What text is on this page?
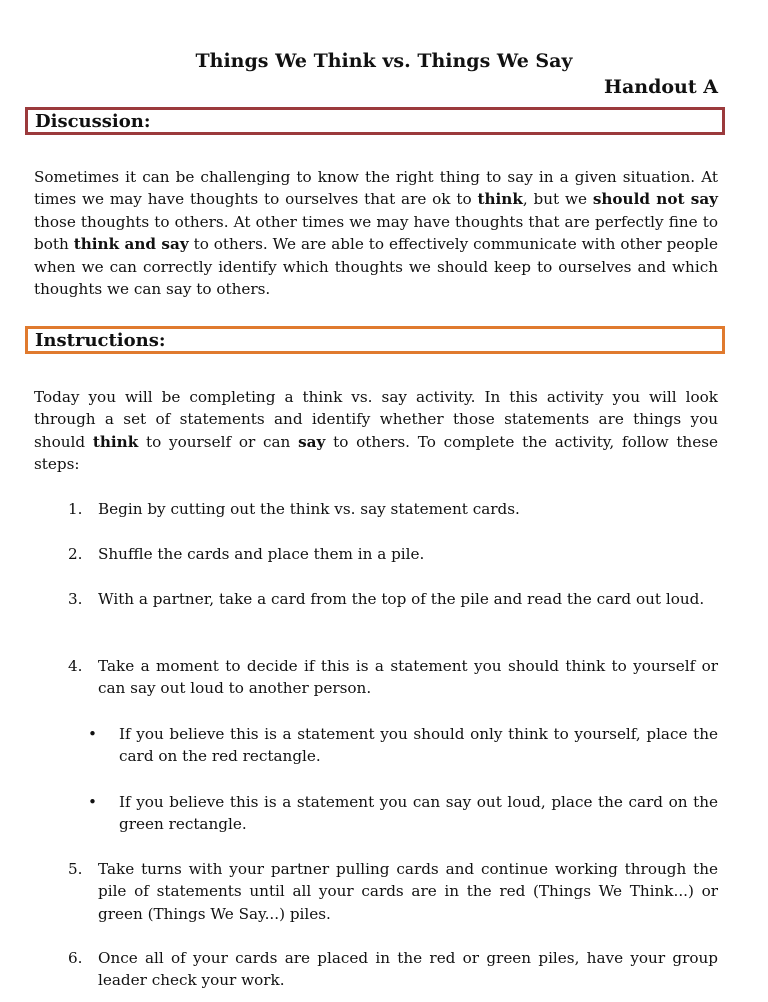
Things We Think vs. Things We Say
Handout A
Discussion:
Sometimes it can be challenging to know the right thing to say in a given situation. At times we may have thoughts to ourselves that are ok to think, but we should not say those thoughts to others. At other times we may have thoughts that are perfectly fine to both think and say to others. We are able to effectively communicate with other people when we can correctly identify which thoughts we should keep to ourselves and which thoughts we can say to others.
Instructions:
Today you will be completing a think vs. say activity. In this activity you will look through a set of statements and identify whether those statements are things you should think to yourself or can say to others. To complete the activity, follow these steps:
1. Begin by cutting out the think vs. say statement cards.
2. Shuffle the cards and place them in a pile.
3. With a partner, take a card from the top of the pile and read the card out loud.
4. Take a moment to decide if this is a statement you should think to yourself or can say out loud to another person.
• If you believe this is a statement you should only think to yourself, place the card on the red rectangle.
• If you believe this is a statement you can say out loud, place the card on the green rectangle.
5. Take turns with your partner pulling cards and continue working through the pile of statements until all your cards are in the red (Things We Think...) or green (Things We Say...) piles.
6. Once all of your cards are placed in the red or green piles, have your group leader check your work.
